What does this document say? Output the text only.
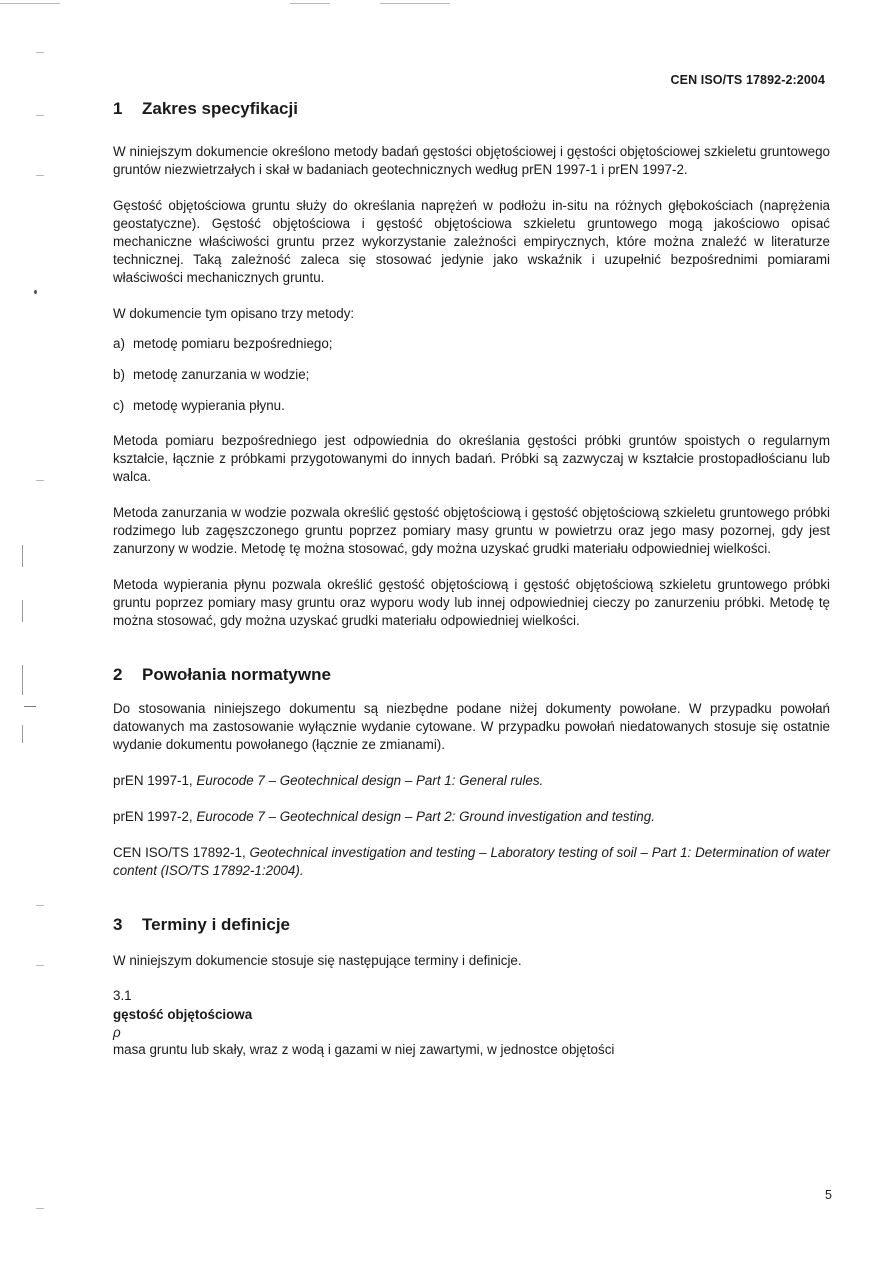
CEN ISO/TS 17892-2:2004
1 Zakres specyfikacji

W niniejszym dokumencie określono metody badań gęstości objętościowej i gęstości objętościowej szkieletu gruntowego gruntów niezwietrzałych i skał w badaniach geotechnicznych według prEN 1997-1 i prEN 1997-2.

Gęstość objętościowa gruntu służy do określania naprężeń w podłożu in-situ na różnych głębokościach (naprężenia geostatyczne). Gęstość objętościowa i gęstość objętościowa szkieletu gruntowego mogą jakościowo opisać mechaniczne właściwości gruntu przez wykorzystanie zależności empirycznych, które można znaleźć w literaturze technicznej. Taką zależność zaleca się stosować jedynie jako wskaźnik i uzupełnić bezpośrednimi pomiarami właściwości mechanicznych gruntu.

W dokumencie tym opisano trzy metody:

a) metodę pomiaru bezpośredniego;
b) metodę zanurzania w wodzie;
c) metodę wypierania płynu.

Metoda pomiaru bezpośredniego jest odpowiednia do określania gęstości próbki gruntów spoistych o regularnym kształcie, łącznie z próbkami przygotowanymi do innych badań. Próbki są zazwyczaj w kształcie prostopadłościanu lub walca.

Metoda zanurzania w wodzie pozwala określić gęstość objętościową i gęstość objętościową szkieletu gruntowego próbki rodzimego lub zagęszczonego gruntu poprzez pomiary masy gruntu w powietrzu oraz jego masy pozornej, gdy jest zanurzony w wodzie. Metodę tę można stosować, gdy można uzyskać grudki materiału odpowiedniej wielkości.

Metoda wypierania płynu pozwala określić gęstość objętościową i gęstość objętościową szkieletu gruntowego próbki gruntu poprzez pomiary masy gruntu oraz wyporu wody lub innej odpowiedniej cieczy po zanurzeniu próbki. Metodę tę można stosować, gdy można uzyskać grudki materiału odpowiedniej wielkości.

2 Powołania normatywne

Do stosowania niniejszego dokumentu są niezbędne podane niżej dokumenty powołane. W przypadku powołań datowanych ma zastosowanie wyłącznie wydanie cytowane. W przypadku powołań niedatowanych stosuje się ostatnie wydanie dokumentu powołanego (łącznie ze zmianami).

prEN 1997-1, Eurocode 7 – Geotechnical design – Part 1: General rules.

prEN 1997-2, Eurocode 7 – Geotechnical design – Part 2: Ground investigation and testing.

CEN ISO/TS 17892-1, Geotechnical investigation and testing – Laboratory testing of soil – Part 1: Determination of water content (ISO/TS 17892-1:2004).

3 Terminy i definicje

W niniejszym dokumencie stosuje się następujące terminy i definicje.

3.1
gęstość objętościowa
ρ
masa gruntu lub skały, wraz z wodą i gazami w niej zawartymi, w jednostce objętości
5
